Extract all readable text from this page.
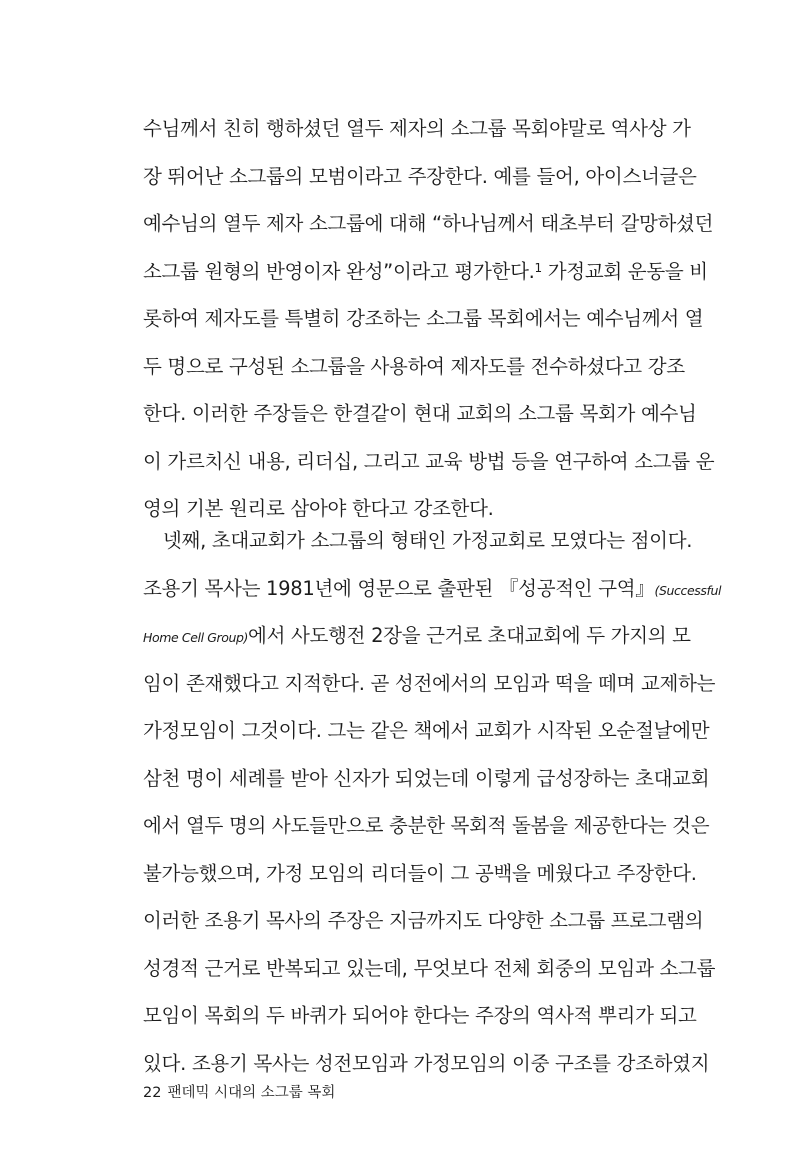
수님께서 친히 행하셨던 열두 제자의 소그룹 목회야말로 역사상 가
장 뛰어난 소그룹의 모범이라고 주장한다. 예를 들어, 아이스너글은
예수님의 열두 제자 소그룹에 대해 “하나님께서 태초부터 갈망하셨던
소그룹 원형의 반영이자 완성”이라고 평가한다.$^1$ 가정교회 운동을 비
롯하여 제자도를 특별히 강조하는 소그룹 목회에서는 예수님께서 열
두 명으로 구성된 소그룹을 사용하여 제자도를 전수하셨다고 강조
한다. 이러한 주장들은 한결같이 현대 교회의 소그룹 목회가 예수님
이 가르치신 내용, 리더십, 그리고 교육 방법 등을 연구하여 소그룹 운
영의 기본 원리로 삼아야 한다고 강조한다.
넷째, 초대교회가 소그룹의 형태인 가정교회로 모였다는 점이다.
조용기 목사는 1981년에 영문으로 출판된 『성공적인 구역』(Successful
Home Cell Group)에서 사도행전 2장을 근거로 초대교회에 두 가지의 모
임이 존재했다고 지적한다. 곧 성전에서의 모임과 떡을 떼며 교제하는
가정모임이 그것이다. 그는 같은 책에서 교회가 시작된 오순절날에만
삼천 명이 세례를 받아 신자가 되었는데 이렇게 급성장하는 초대교회
에서 열두 명의 사도들만으로 충분한 목회적 돌봄을 제공한다는 것은
불가능했으며, 가정 모임의 리더들이 그 공백을 메웠다고 주장한다.
이러한 조용기 목사의 주장은 지금까지도 다양한 소그룹 프로그램의
성경적 근거로 반복되고 있는데, 무엇보다 전체 회중의 모임과 소그룹
모임이 목회의 두 바퀴가 되어야 한다는 주장의 역사적 뿌리가 되고
있다. 조용기 목사는 성전모임과 가정모임의 이중 구조를 강조하였지
22 팬데믹 시대의 소그룹 목회
